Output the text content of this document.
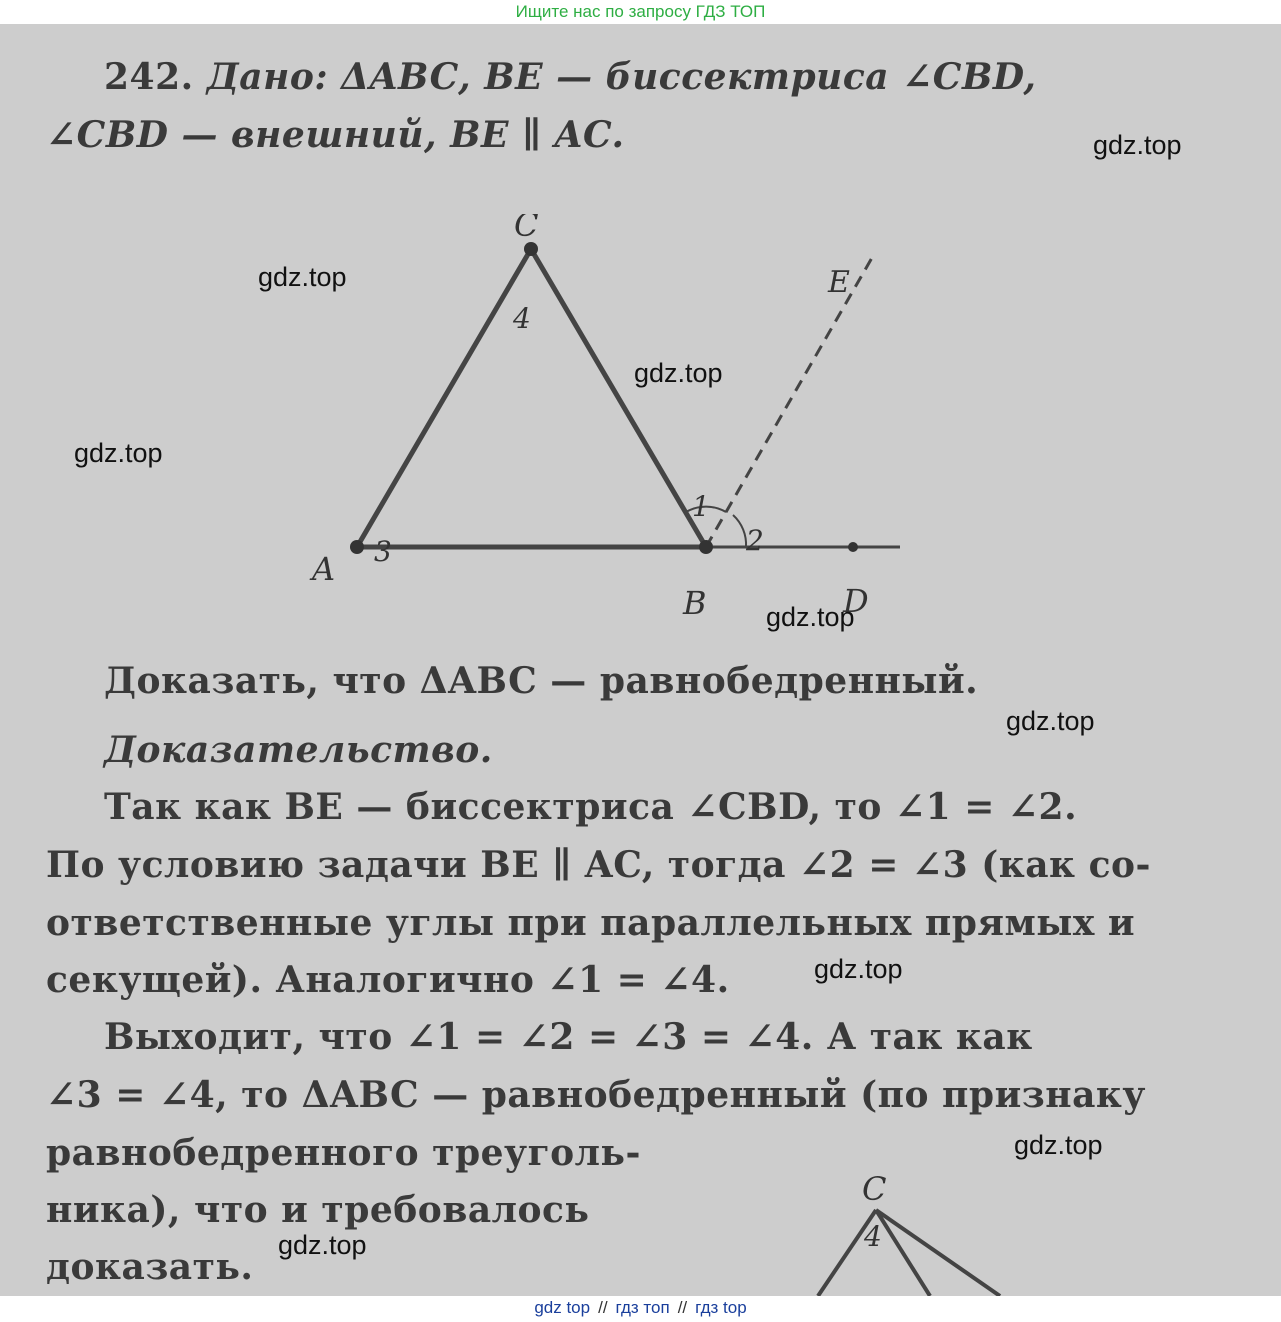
Ищите нас по запросу ГДЗ ТОП
242. Дано: ΔABC, BE — биссектриса ∠CBD,
∠CBD — внешний, BE ∥ AC.
C
A
B	D
E
1
2
3
4
Доказать, что ΔABC — равнобедренный.
Доказательство.
Так как BE — биссектриса ∠CBD, то ∠1 = ∠2.
По условию задачи BE ∥ AC, тогда ∠2 = ∠3 (как со-
ответственные углы при параллельных прямых и
секущей). Аналогично ∠1 = ∠4.
Выходит, что ∠1 = ∠2 = ∠3 = ∠4. А так как
∠3 = ∠4, то ΔABC — равнобедренный (по признаку
равнобедренного треуголь-
ника), что и требовалось
доказать.
C
4
gdz.top
gdz.top
gdz.top
gdz.top
gdz.top
gdz.top
gdz.top
gdz.top
gdz.top
gdz top // гдз топ // гдз top
